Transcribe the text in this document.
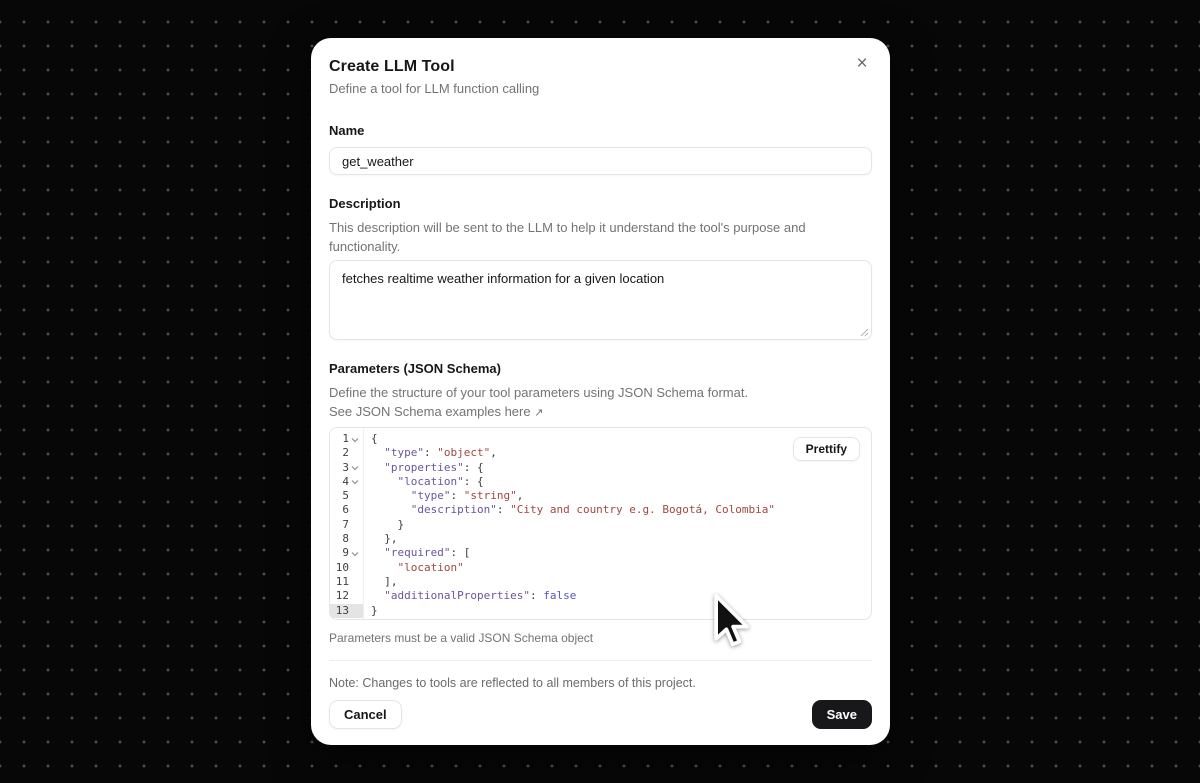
×
Create LLM Tool
Define a tool for LLM function calling
Name
get_weather
Description
This description will be sent to the LLM to help it understand the tool's purpose and functionality.
fetches realtime weather information for a given location
Parameters (JSON Schema)
Define the structure of your tool parameters using JSON Schema format.
See JSON Schema examples here ↗
1
2
3
4
5
6
7
8
9
10
11
12
13
{
"type": "object",
"properties": {
"location": {
"type": "string",
"description": "City and country e.g. Bogotá, Colombia"
}
},
"required": [
"location"
],
"additionalProperties": false
}
Prettify
Parameters must be a valid JSON Schema object
Note: Changes to tools are reflected to all members of this project.
Cancel	Save
